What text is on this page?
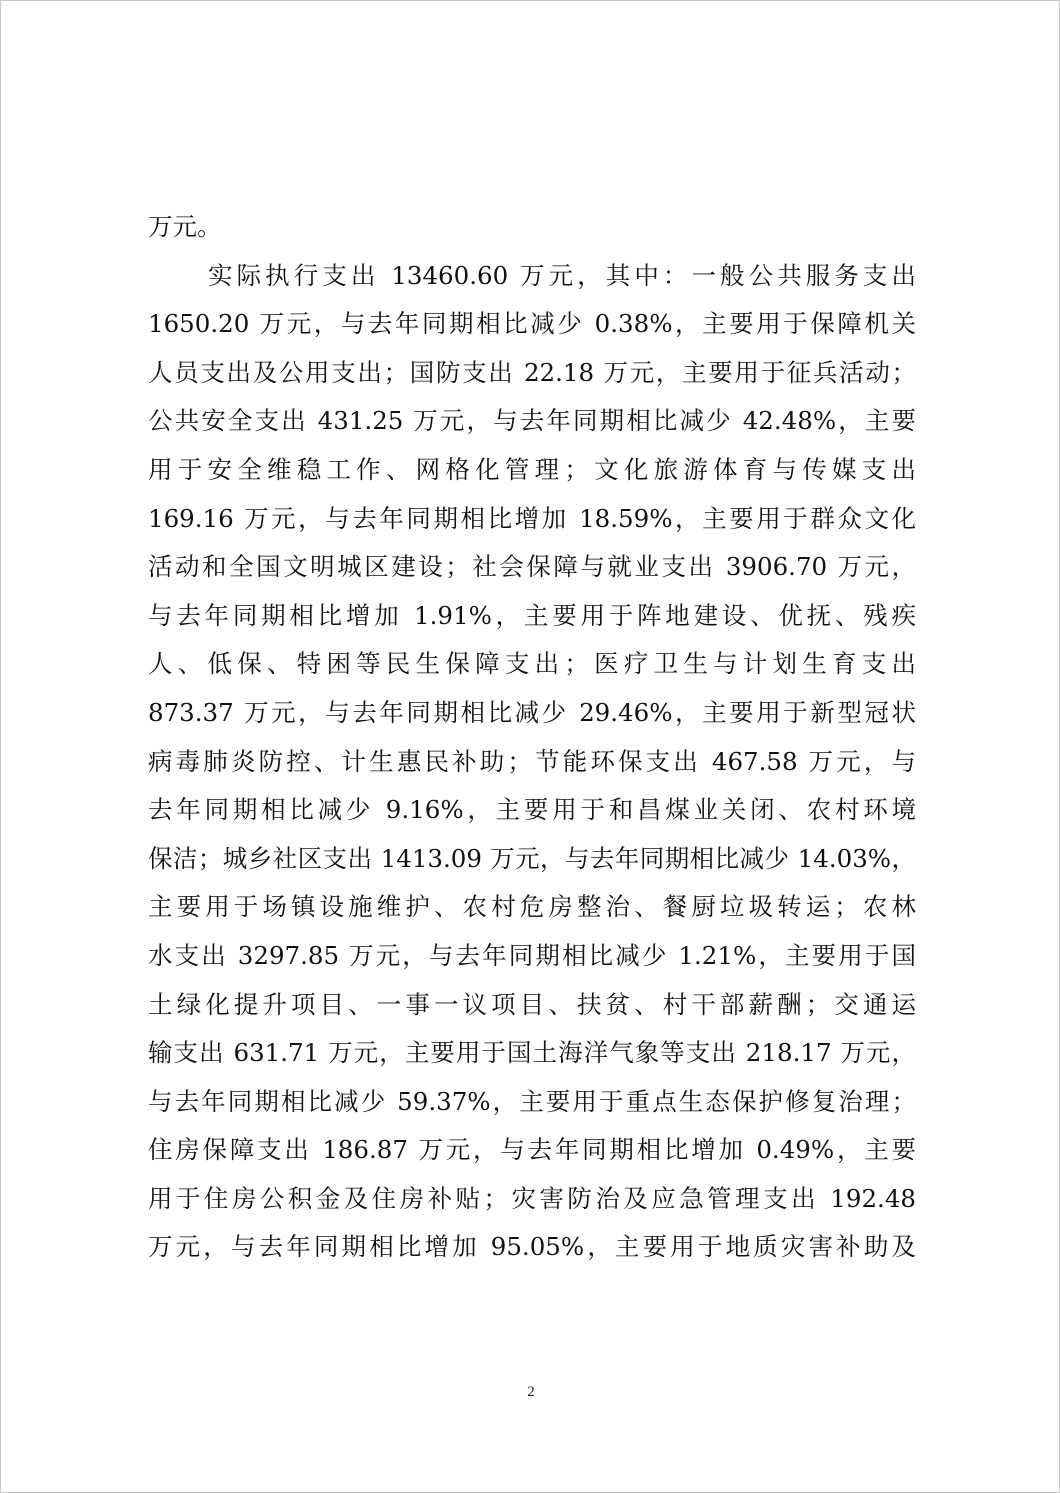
万元。
实际执行支出 13460.60 万元，其中：一般公共服务支出
1650.20 万元，与去年同期相比减少 0.38%，主要用于保障机关
人员支出及公用支出；国防支出 22.18 万元，主要用于征兵活动；
公共安全支出 431.25 万元，与去年同期相比减少 42.48%，主要
用于安全维稳工作、网格化管理；文化旅游体育与传媒支出
169.16 万元，与去年同期相比增加 18.59%，主要用于群众文化
活动和全国文明城区建设；社会保障与就业支出 3906.70 万元，
与去年同期相比增加 1.91%，主要用于阵地建设、优抚、残疾
人、低保、特困等民生保障支出；医疗卫生与计划生育支出
873.37 万元，与去年同期相比减少 29.46%，主要用于新型冠状
病毒肺炎防控、计生惠民补助；节能环保支出 467.58 万元，与
去年同期相比减少 9.16%，主要用于和昌煤业关闭、农村环境
保洁；城乡社区支出 1413.09 万元，与去年同期相比减少 14.03%，
主要用于场镇设施维护、农村危房整治、餐厨垃圾转运；农林
水支出 3297.85 万元，与去年同期相比减少 1.21%，主要用于国
土绿化提升项目、一事一议项目、扶贫、村干部薪酬；交通运
输支出 631.71 万元，主要用于国土海洋气象等支出 218.17 万元，
与去年同期相比减少 59.37%，主要用于重点生态保护修复治理；
住房保障支出 186.87 万元，与去年同期相比增加 0.49%，主要
用于住房公积金及住房补贴；灾害防治及应急管理支出 192.48
万元，与去年同期相比增加 95.05%，主要用于地质灾害补助及
2
